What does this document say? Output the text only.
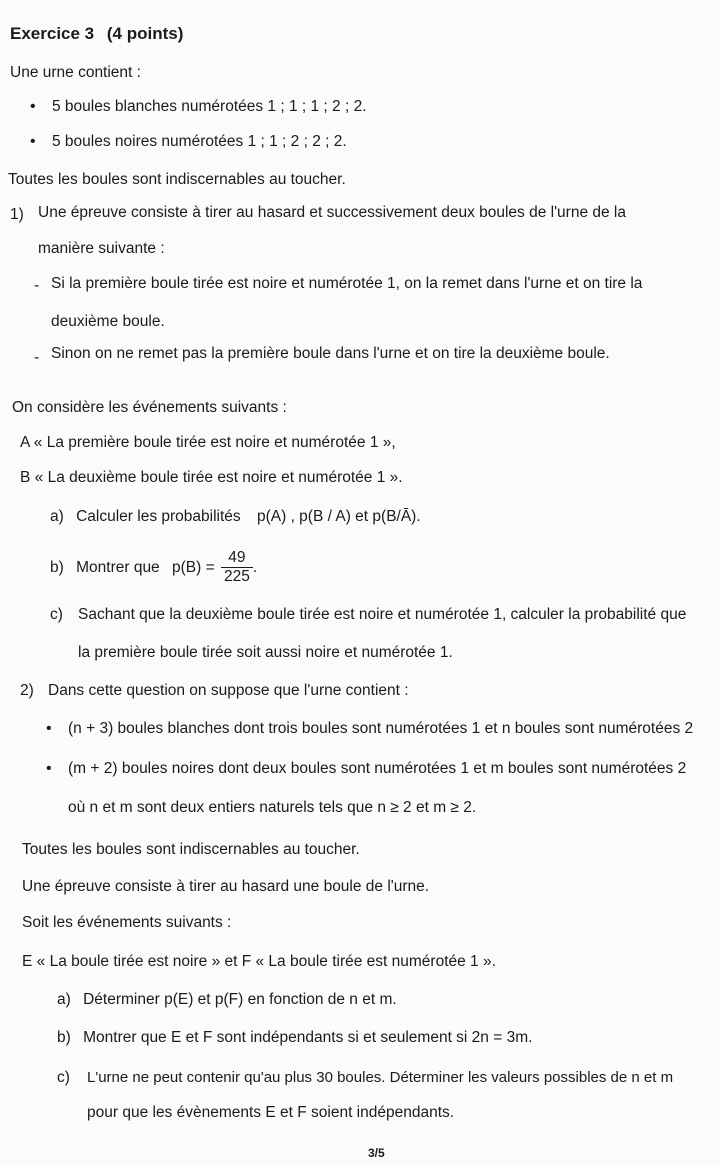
Exercice 3 (4 points)
Une urne contient :
• 5 boules blanches numérotées 1 ; 1 ; 1 ; 2 ; 2.
• 5 boules noires numérotées 1 ; 1 ; 2 ; 2 ; 2.
Toutes les boules sont indiscernables au toucher.
1) Une épreuve consiste à tirer au hasard et successivement deux boules de l'urne de la
manière suivante :
- Si la première boule tirée est noire et numérotée 1, on la remet dans l'urne et on tire la
deuxième boule.
- Sinon on ne remet pas la première boule dans l'urne et on tire la deuxième boule.
On considère les événements suivants :
A « La première boule tirée est noire et numérotée 1 »,
B « La deuxième boule tirée est noire et numérotée 1 ».
a) Calculer les probabilités p(A) , p(B / A) et p(B/Ā).
b) Montrer que $p(B) = \frac{49}{225}$ .
c) Sachant que la deuxième boule tirée est noire et numérotée 1, calculer la probabilité que
la première boule tirée soit aussi noire et numérotée 1.
2) Dans cette question on suppose que l'urne contient :
• (n + 3) boules blanches dont trois boules sont numérotées 1 et n boules sont numérotées 2
• (m + 2) boules noires dont deux boules sont numérotées 1 et m boules sont numérotées 2
où n et m sont deux entiers naturels tels que n ≥ 2 et m ≥ 2.
Toutes les boules sont indiscernables au toucher.
Une épreuve consiste à tirer au hasard une boule de l'urne.
Soit les événements suivants :
E « La boule tirée est noire » et F « La boule tirée est numérotée 1 ».
a) Déterminer p(E) et p(F) en fonction de n et m.
b) Montrer que E et F sont indépendants si et seulement si 2n = 3m.
c) L'urne ne peut contenir qu'au plus 30 boules. Déterminer les valeurs possibles de n et m
pour que les évènements E et F soient indépendants.
3/5
